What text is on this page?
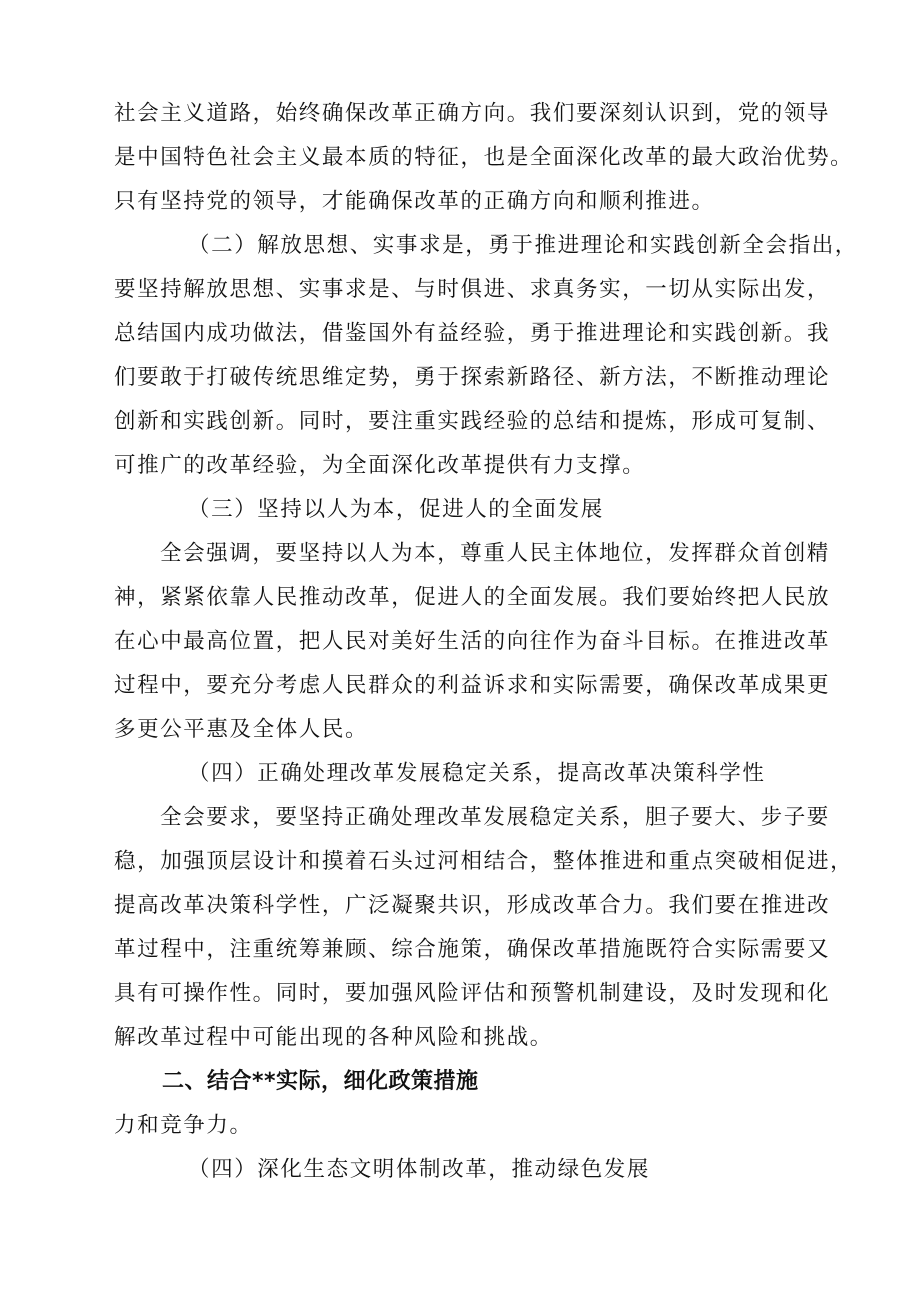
社会主义道路，始终确保改革正确方向。我们要深刻认识到，党的领导
是中国特色社会主义最本质的特征，也是全面深化改革的最大政治优势。
只有坚持党的领导，才能确保改革的正确方向和顺利推进。
（二）解放思想、实事求是，勇于推进理论和实践创新全会指出，
要坚持解放思想、实事求是、与时俱进、求真务实，一切从实际出发，
总结国内成功做法，借鉴国外有益经验，勇于推进理论和实践创新。我
们要敢于打破传统思维定势，勇于探索新路径、新方法，不断推动理论
创新和实践创新。同时，要注重实践经验的总结和提炼，形成可复制、
可推广的改革经验，为全面深化改革提供有力支撑。
（三）坚持以人为本，促进人的全面发展
全会强调，要坚持以人为本，尊重人民主体地位，发挥群众首创精
神，紧紧依靠人民推动改革，促进人的全面发展。我们要始终把人民放
在心中最高位置，把人民对美好生活的向往作为奋斗目标。在推进改革
过程中，要充分考虑人民群众的利益诉求和实际需要，确保改革成果更
多更公平惠及全体人民。
（四）正确处理改革发展稳定关系，提高改革决策科学性
全会要求，要坚持正确处理改革发展稳定关系，胆子要大、步子要
稳，加强顶层设计和摸着石头过河相结合，整体推进和重点突破相促进，
提高改革决策科学性，广泛凝聚共识，形成改革合力。我们要在推进改
革过程中，注重统筹兼顾、综合施策，确保改革措施既符合实际需要又
具有可操作性。同时，要加强风险评估和预警机制建设，及时发现和化
解改革过程中可能出现的各种风险和挑战。
二、结合**实际，细化政策措施
力和竞争力。
（四）深化生态文明体制改革，推动绿色发展
